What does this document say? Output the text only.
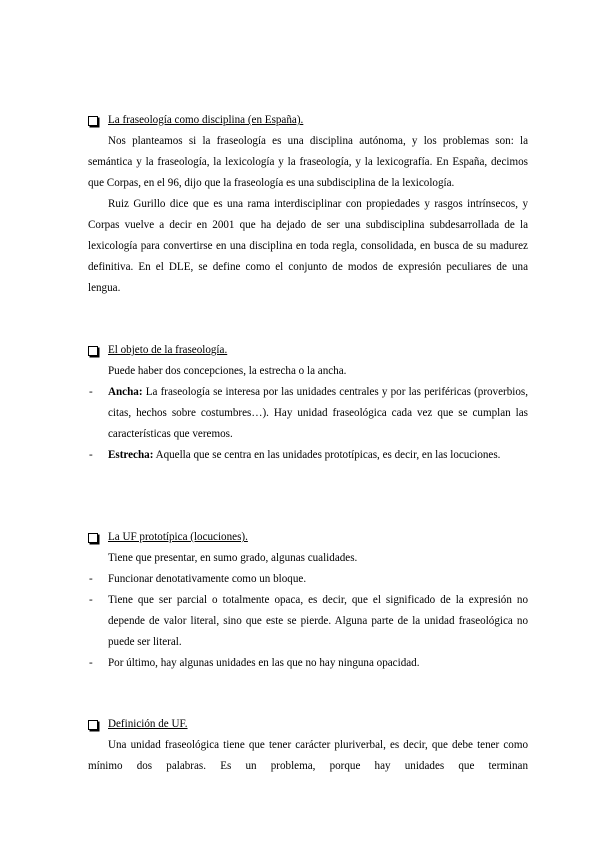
La fraseología como disciplina (en España).

Nos planteamos si la fraseología es una disciplina autónoma, y los problemas son: la semántica y la fraseología, la lexicología y la fraseología, y la lexicografía. En España, decimos que Corpas, en el 96, dijo que la fraseología es una subdisciplina de la lexicología.

Ruiz Gurillo dice que es una rama interdisciplinar con propiedades y rasgos intrínsecos, y Corpas vuelve a decir en 2001 que ha dejado de ser una subdisciplina subdesarrollada de la lexicología para convertirse en una disciplina en toda regla, consolidada, en busca de su madurez definitiva. En el DLE, se define como el conjunto de modos de expresión peculiares de una lengua.

El objeto de la fraseología.

Puede haber dos concepciones, la estrecha o la ancha.

- Ancha: La fraseología se interesa por las unidades centrales y por las periféricas (proverbios, citas, hechos sobre costumbres…). Hay unidad fraseológica cada vez que se cumplan las características que veremos.

- Estrecha: Aquella que se centra en las unidades prototípicas, es decir, en las locuciones.

La UF prototípica (locuciones).

Tiene que presentar, en sumo grado, algunas cualidades.

- Funcionar denotativamente como un bloque.

- Tiene que ser parcial o totalmente opaca, es decir, que el significado de la expresión no depende de valor literal, sino que este se pierde. Alguna parte de la unidad fraseológica no puede ser literal.

- Por último, hay algunas unidades en las que no hay ninguna opacidad.

Definición de UF.

Una unidad fraseológica tiene que tener carácter pluriverbal, es decir, que debe tener como mínimo dos palabras. Es un problema, porque hay unidades que terminan
